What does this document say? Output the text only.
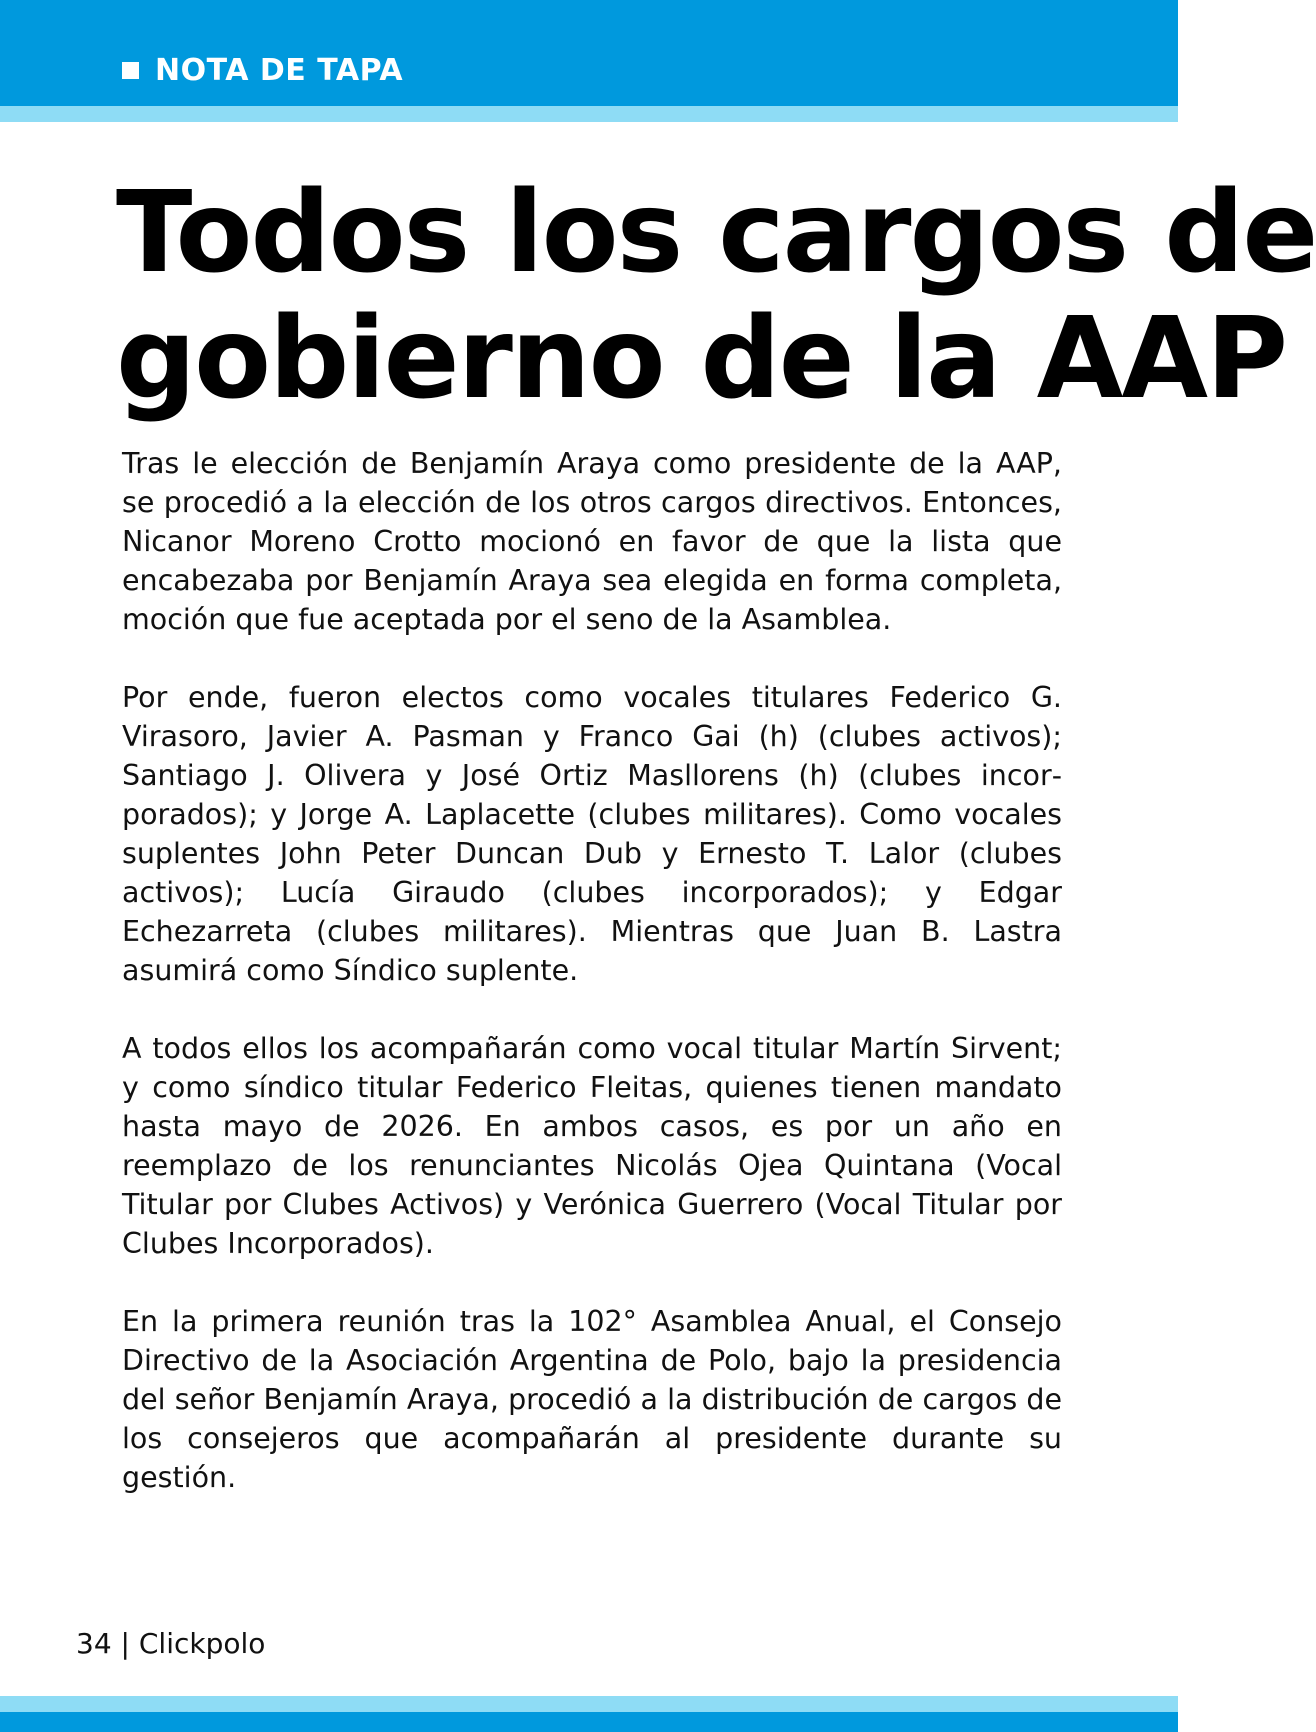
NOTA DE TAPA
Todos los cargos de
gobierno de la AAP

Tras le elección de Benjamín Araya como presidente de la AAP, se procedió a la elección de los otros cargos directivos. Entonces, Nicanor Moreno Crotto mocionó en favor de que la lista que encabezaba por Benjamín Araya sea elegida en forma completa, moción que fue aceptada por el seno de la Asamblea.

Por ende, fueron electos como vocales titulares Federico G. Virasoro, Javier A. Pasman y Franco Gai (h) (clubes activos); Santiago J. Olivera y José Ortiz Masllorens (h) (clubes incorporados); y Jorge A. Laplacette (clubes militares). Como vocales suplentes John Peter Duncan Dub y Ernesto T. Lalor (clubes activos); Lucía Giraudo (clubes incorporados); y Edgar Echezarreta (clubes militares). Mientras que Juan B. Lastra asumirá como Síndico suplente.

A todos ellos los acompañarán como vocal titular Martín Sirvent; y como síndico titular Federico Fleitas, quienes tienen mandato hasta mayo de 2026. En ambos casos, es por un año en reemplazo de los renunciantes Nicolás Ojea Quintana (Vocal Titular por Clubes Activos) y Verónica Guerrero (Vocal Titular por Clubes Incorporados).

En la primera reunión tras la 102° Asamblea Anual, el Consejo Directivo de la Asociación Argentina de Polo, bajo la presidencia del señor Benjamín Araya, procedió a la distribución de cargos de los consejeros que acompañarán al presidente durante su gestión.

34 | Clickpolo
